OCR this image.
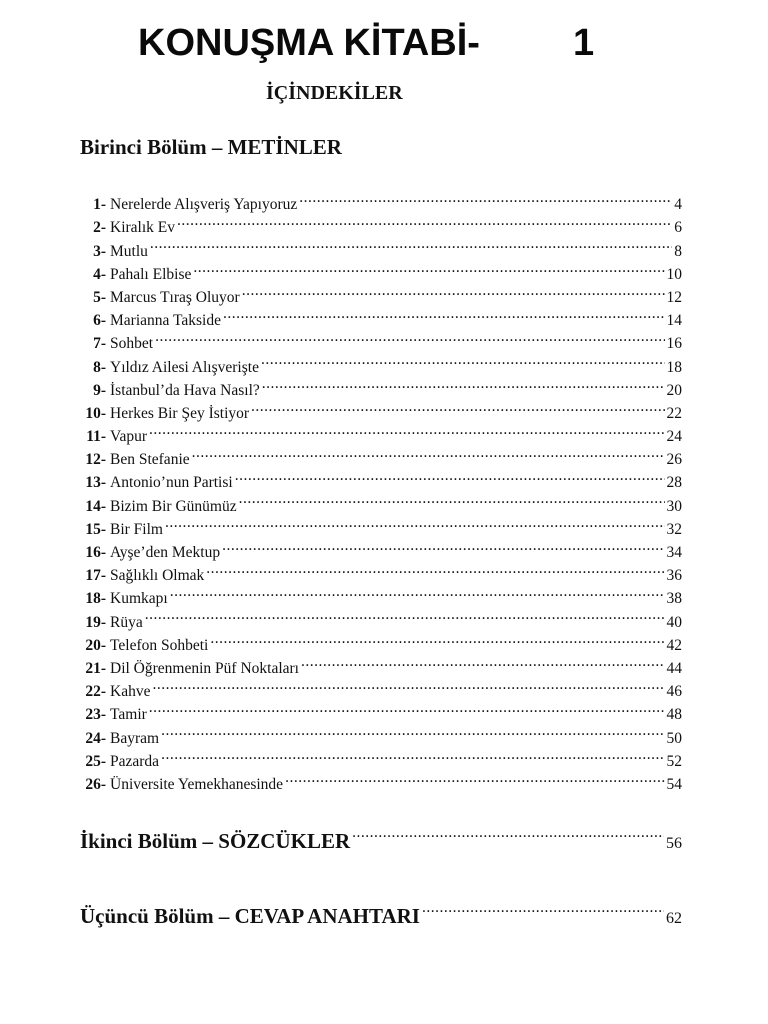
KONUŞMA KİTABİ- 1
İÇİNDEKİLER
Birinci Bölüm – METİNLER
1- Nerelerde Alışveriş Yapıyoruz .....	4
2- Kiralık Ev .....	6
3- Mutlu .....	8
4- Pahalı Elbise .....	10
5- Marcus Tıraş Oluyor .....	12
6- Marianna Takside .....	14
7- Sohbet .....	16
8- Yıldız Ailesi Alışverişte .....	18
9- İstanbul’da Hava Nasıl? .....	20
10- Herkes Bir Şey İstiyor .....	22
11- Vapur .....	24
12- Ben Stefanie .....	26
13- Antonio’nun Partisi .....	28
14- Bizim Bir Günümüz .....	30
15- Bir Film .....	32
16- Ayşe’den Mektup .....	34
17- Sağlıklı Olmak .....	36
18- Kumkapı .....	38
19- Rüya .....	40
20- Telefon Sohbeti .....	42
21- Dil Öğrenmenin Püf Noktaları .....	44
22- Kahve .....	46
23- Tamir .....	48
24- Bayram .....	50
25- Pazarda .....	52
26- Üniversite Yemekhanesinde .....	54
İkinci Bölüm – SÖZCÜKLER .....	56
Üçüncü Bölüm – CEVAP ANAHTARI .....	62
